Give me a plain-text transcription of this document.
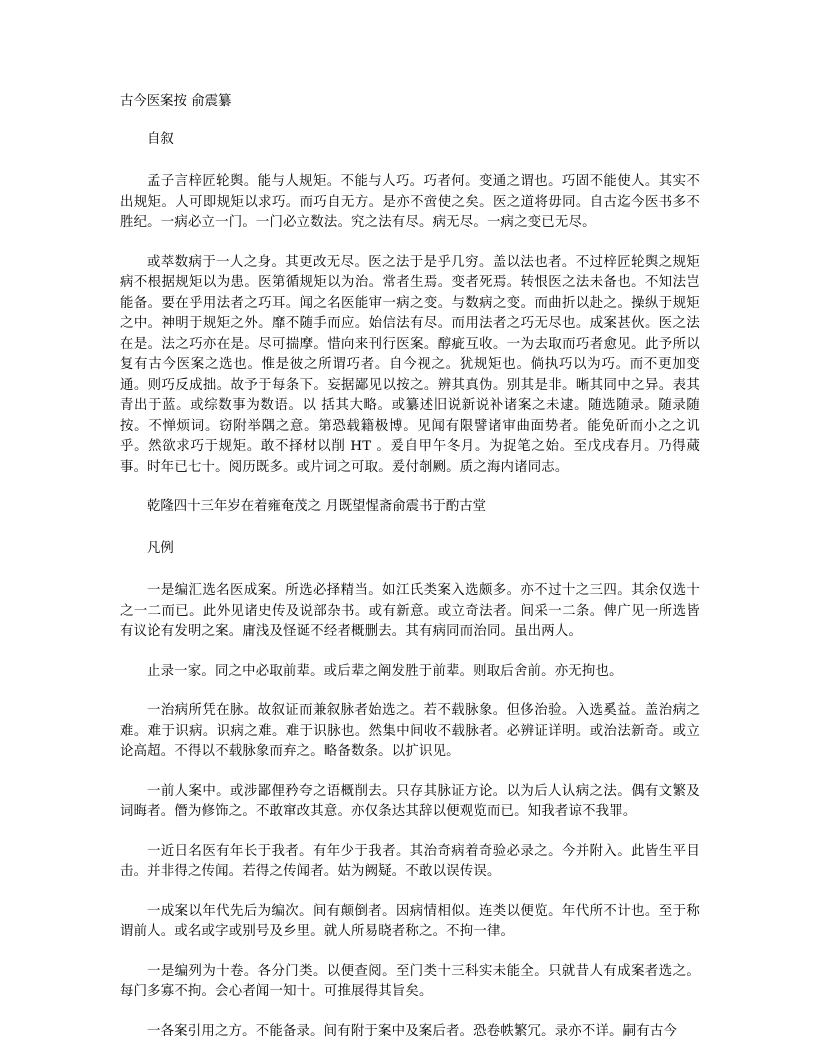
古今医案按 俞震纂
自叙

孟子言梓匠轮舆。能与人规矩。不能与人巧。巧者何。变通之谓也。巧固不能使人。其实不出规矩。人可即规矩以求巧。而巧自无方。是亦不啻使之矣。医之道将毋同。自古迄今医书多不胜纪。一病必立一门。一门必立数法。究之法有尽。病无尽。一病之变已无尽。

或萃数病于一人之身。其更改无尽。医之法于是乎几穷。盖以法也者。不过梓匠轮舆之规矩病不根据规矩以为患。医第循规矩以为治。常者生焉。变者死焉。转恨医之法未备也。不知法岂能备。要在乎用法者之巧耳。闻之名医能审一病之变。与数病之变。而曲折以赴之。操纵于规矩之中。神明于规矩之外。靡不随手而应。始信法有尽。而用法者之巧无尽也。成案甚伙。医之法在是。法之巧亦在是。尽可揣摩。惜向来刊行医案。醇疵互收。一为去取而巧者愈见。此予所以复有古今医案之选也。惟是彼之所谓巧者。自今视之。犹规矩也。倘执巧以为巧。而不更加变通。则巧反成拙。故予于每条下。妄据鄙见以按之。辨其真伪。别其是非。晰其同中之异。表其青出于蓝。或综数事为数语。以 括其大略。或纂述旧说新说补诸案之未逮。随选随录。随录随按。不惮烦词。窃附举隅之意。第恐载籍极博。见闻有限譬诸审曲面势者。能免斫而小之之讥乎。然欲求巧于规矩。敢不择材以削 HT 。爰自甲午冬月。为捉笔之始。至戊戌春月。乃得蒇事。时年已七十。阅历既多。或片词之可取。爰付剞劂。质之海内诸同志。

乾隆四十三年岁在着雍奄茂之 月既望惺斋俞震书于酌古堂
凡例

一是编汇选名医成案。所选必择精当。如江氏类案入选颇多。亦不过十之三四。其余仅选十之一二而已。此外见诸史传及说部杂书。或有新意。或立奇法者。间采一二条。俾广见一所选皆有议论有发明之案。庸浅及怪诞不经者概删去。其有病同而治同。虽出两人。

止录一家。同之中必取前辈。或后辈之阐发胜于前辈。则取后舍前。亦无拘也。

一治病所凭在脉。故叙证而兼叙脉者始选之。若不载脉象。但侈治验。入选奚益。盖治病之难。难于识病。识病之难。难于识脉也。然集中间收不载脉者。必辨证详明。或治法新奇。或立论高超。不得以不载脉象而弃之。略备数条。以扩识见。

一前人案中。或涉鄙俚矜夸之语概削去。只存其脉证方论。以为后人认病之法。偶有文繁及词晦者。僭为修饰之。不敢窜改其意。亦仅条达其辞以便观览而已。知我者谅不我罪。

一近日名医有年长于我者。有年少于我者。其治奇病着奇验必录之。今并附入。此皆生平目击。并非得之传闻。若得之传闻者。姑为阙疑。不敢以误传误。

一成案以年代先后为编次。间有颠倒者。因病情相似。连类以便览。年代所不计也。至于称谓前人。或名或字或别号及乡里。就人所易晓者称之。不拘一律。

一是编列为十卷。各分门类。以便查阅。至门类十三科实未能全。只就昔人有成案者选之。每门多寡不拘。会心者闻一知十。可推展得其旨矣。

一各案引用之方。不能备录。间有附于案中及案后者。恐卷帙繁冗。录亦不详。嗣有古今
